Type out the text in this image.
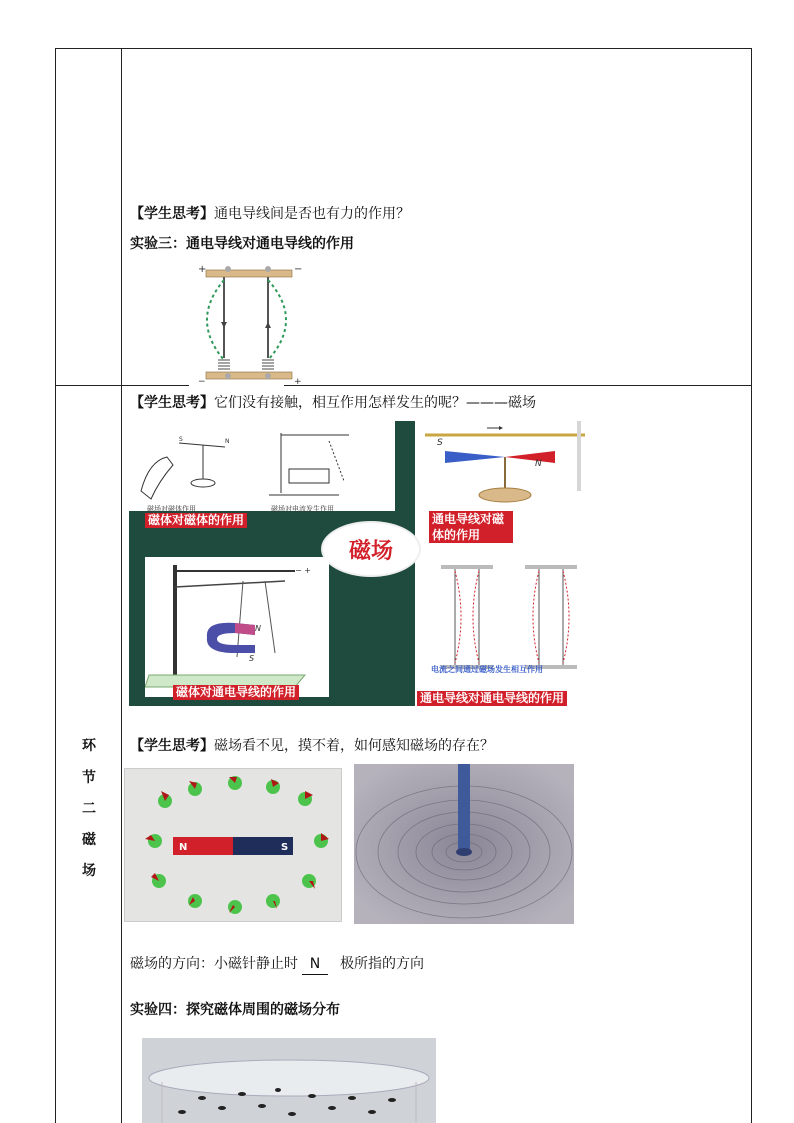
环
节
二
磁
场
【学生思考】通电导线间是否也有力的作用？
实验三：通电导线对通电导线的作用
+	−
−	+
【学生思考】它们没有接触，相互作用怎样发生的呢？———磁场
S	N
磁场对磁体作用	磁场对电流发生作用
磁体对磁体的作用
S
N
通电导线对磁体的作用
磁场
N
S
− +
磁体对通电导线的作用
电流之间通过磁场发生相互作用
通电导线对通电导线的作用
【学生思考】磁场看不见，摸不着，如何感知磁场的存在？
N	S
磁场的方向：小磁针静止时 N 极所指的方向
实验四：探究磁体周围的磁场分布
